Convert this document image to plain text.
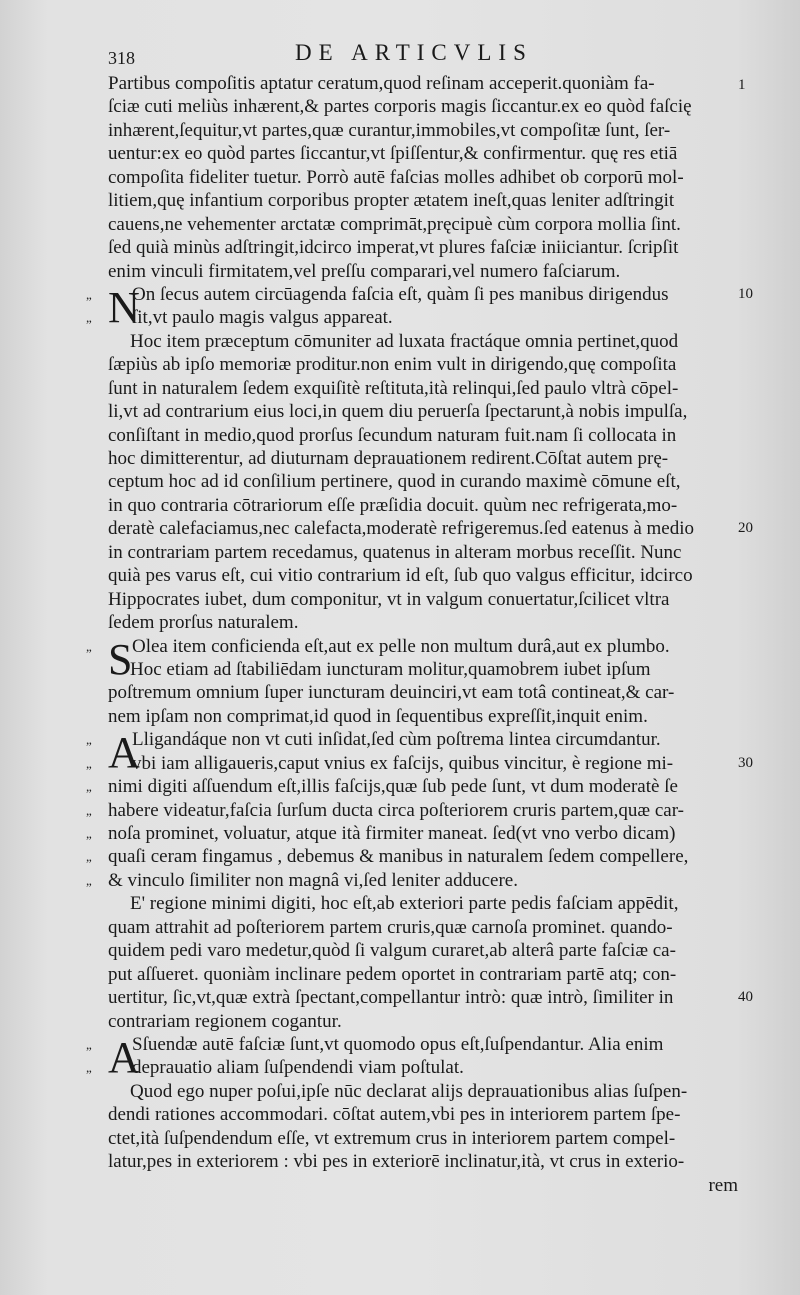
318	DE ARTICVLIS
Partibus compoſitis aptatur ceratum,quod reſinam acceperit.quoniàm fa-	1
ſciæ cuti meliùs inhærent,& partes corporis magis ſiccantur.ex eo quòd faſcię
inhærent,ſequitur,vt partes,quæ curantur,immobiles,vt compoſitæ ſunt, ſer-
uentur:ex eo quòd partes ſiccantur,vt ſpiſſentur,& confirmentur. quę res etiā
compoſita fideliter tuetur. Porrò autē faſcias molles adhibet ob corporū mol-
litiem,quę infantium corporibus propter ætatem ineſt,quas leniter adſtringit
cauens,ne vehementer arctatæ comprimāt,pręcipuè cùm corpora mollia ſint.
ſed quià minùs adſtringit,idcirco imperat,vt plures faſciæ iniiciantur. ſcripſit
enim vinculi firmitatem,vel preſſu comparari,vel numero faſciarum.
„ N
On ſecus autem circūagenda faſcia eſt, quàm ſi pes manibus dirigendus	10
„ ſit,vt paulo magis valgus appareat.
Hoc item præceptum cōmuniter ad luxata fractáque omnia pertinet,quod
ſæpiùs ab ipſo memoriæ proditur.non enim vult in dirigendo,quę compoſita
ſunt in naturalem ſedem exquiſitè reſtituta,ità relinqui,ſed paulo vltrà cōpel-
li,vt ad contrarium eius loci,in quem diu peruerſa ſpectarunt,à nobis impulſa,
conſiſtant in medio,quod prorſus ſecundum naturam fuit.nam ſi collocata in
hoc dimitterentur, ad diuturnam deprauationem redirent.Cōſtat autem prę-
ceptum hoc ad id conſilium pertinere, quod in curando maximè cōmune eſt,
in quo contraria cōtrariorum eſſe præſidia docuit. quùm nec refrigerata,mo-
deratè calefaciamus,nec calefacta,moderatè refrigeremus.ſed eatenus à medio	20
in contrariam partem recedamus, quatenus in alteram morbus receſſit. Nunc
quià pes varus eſt, cui vitio contrarium id eſt, ſub quo valgus efficitur, idcirco
Hippocrates iubet, dum componitur, vt in valgum conuertatur,ſcilicet vltra
ſedem prorſus naturalem.
„ S Olea item conficienda eſt,aut ex pelle non multum durâ,aut ex plumbo.
Hoc etiam ad ſtabiliēdam iuncturam molitur,quamobrem iubet ipſum
poſtremum omnium ſuper iuncturam deuinciri,vt eam totâ contineat,& car-
nem ipſam non comprimat,id quod in ſequentibus expreſſit,inquit enim.
„ A
Lligandáque non vt cuti inſidat,ſed cùm poſtrema lintea circumdantur.
„ vbi iam alligaueris,caput vnius ex faſcijs, quibus vincitur, è regione mi-	30
„ nimi digiti aſſuendum eſt,illis faſcijs,quæ ſub pede ſunt, vt dum moderatè ſe
„ habere videatur,faſcia ſurſum ducta circa poſteriorem cruris partem,quæ car-
„ noſa prominet, voluatur, atque ità firmiter maneat. ſed(vt vno verbo dicam)
„ quaſi ceram fingamus , debemus & manibus in naturalem ſedem compellere,
„ & vinculo ſimiliter non magnâ vi,ſed leniter adducere.
E' regione minimi digiti, hoc eſt,ab exteriori parte pedis faſciam appēdit,
quam attrahit ad poſteriorem partem cruris,quæ carnoſa prominet. quando-
quidem pedi varo medetur,quòd ſi valgum curaret,ab alterâ parte faſciæ ca-
put aſſueret. quoniàm inclinare pedem oportet in contrariam partē atq; con-
uertitur, ſic,vt,quæ extrà ſpectant,compellantur intrò: quæ intrò, ſimiliter in	40
contrariam regionem cogantur.
„ A
Sſuendæ autē faſciæ ſunt,vt quomodo opus eſt,ſuſpendantur. Alia enim
„ deprauatio aliam ſuſpendendi viam poſtulat.
Quod ego nuper poſui,ipſe nūc declarat alijs deprauationibus alias ſuſpen-
dendi rationes accommodari. cōſtat autem,vbi pes in interiorem partem ſpe-
ctet,ità ſuſpendendum eſſe, vt extremum crus in interiorem partem compel-
latur,pes in exteriorem : vbi pes in exteriorē inclinatur,ità, vt crus in exterio-
rem
